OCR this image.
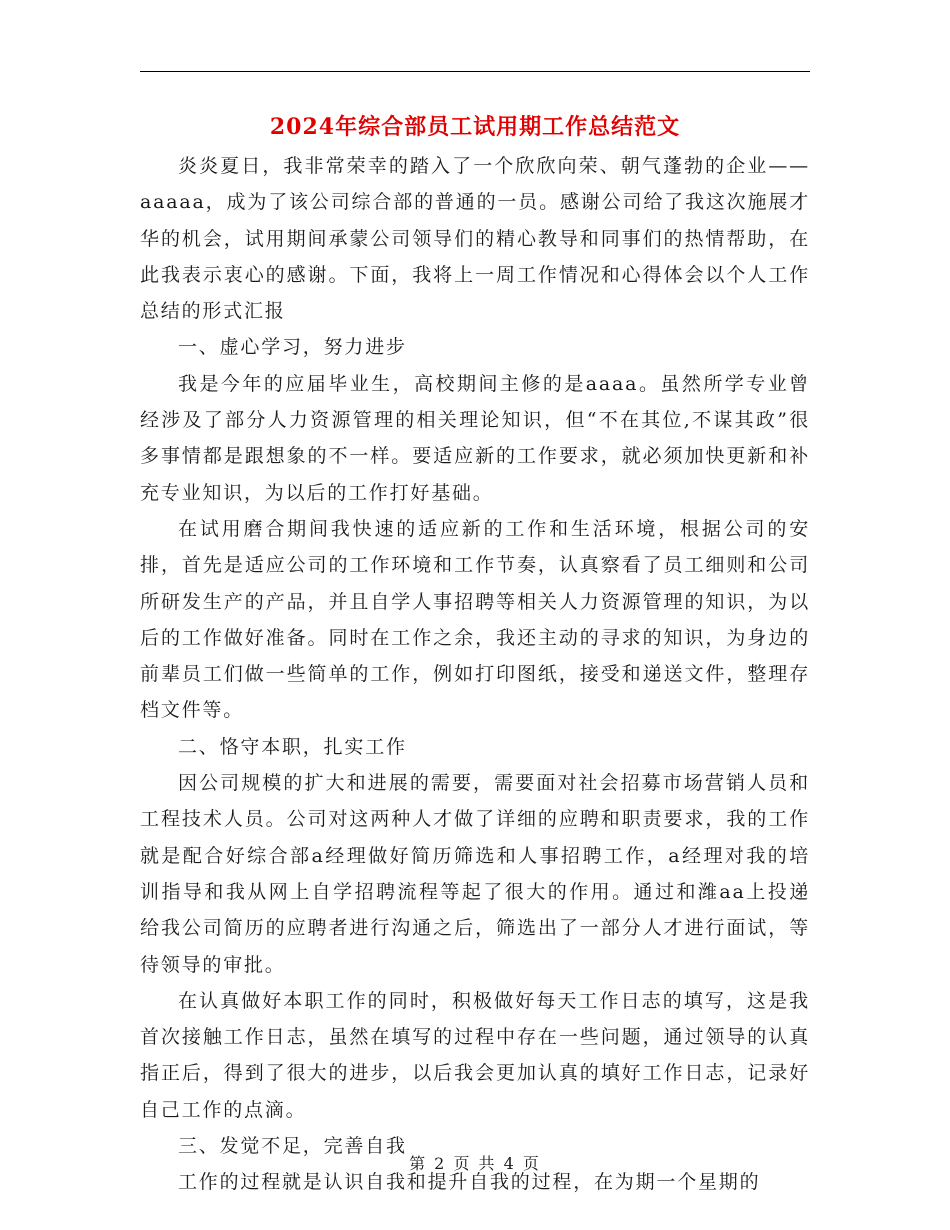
2024年综合部员工试用期工作总结范文

炎炎夏日，我非常荣幸的踏入了一个欣欣向荣、朝气蓬勃的企业——aaaaa，成为了该公司综合部的普通的一员。感谢公司给了我这次施展才华的机会，试用期间承蒙公司领导们的精心教导和同事们的热情帮助，在此我表示衷心的感谢。下面，我将上一周工作情况和心得体会以个人工作总结的形式汇报

一、虚心学习，努力进步

我是今年的应届毕业生，高校期间主修的是aaaa。虽然所学专业曾经涉及了部分人力资源管理的相关理论知识，但“不在其位,不谋其政”很多事情都是跟想象的不一样。要适应新的工作要求，就必须加快更新和补充专业知识，为以后的工作打好基础。

在试用磨合期间我快速的适应新的工作和生活环境，根据公司的安排，首先是适应公司的工作环境和工作节奏，认真察看了员工细则和公司所研发生产的产品，并且自学人事招聘等相关人力资源管理的知识，为以后的工作做好准备。同时在工作之余，我还主动的寻求的知识，为身边的前辈员工们做一些简单的工作，例如打印图纸，接受和递送文件，整理存档文件等。

二、恪守本职，扎实工作

因公司规模的扩大和进展的需要，需要面对社会招募市场营销人员和工程技术人员。公司对这两种人才做了详细的应聘和职责要求，我的工作就是配合好综合部a经理做好简历筛选和人事招聘工作，a经理对我的培训指导和我从网上自学招聘流程等起了很大的作用。通过和潍aa上投递给我公司简历的应聘者进行沟通之后，筛选出了一部分人才进行面试，等待领导的审批。

在认真做好本职工作的同时，积极做好每天工作日志的填写，这是我首次接触工作日志，虽然在填写的过程中存在一些问题，通过领导的认真指正后，得到了很大的进步，以后我会更加认真的填好工作日志，记录好自己工作的点滴。

三、发觉不足，完善自我

工作的过程就是认识自我和提升自我的过程，在为期一个星期的

第 2 页 共 4 页
